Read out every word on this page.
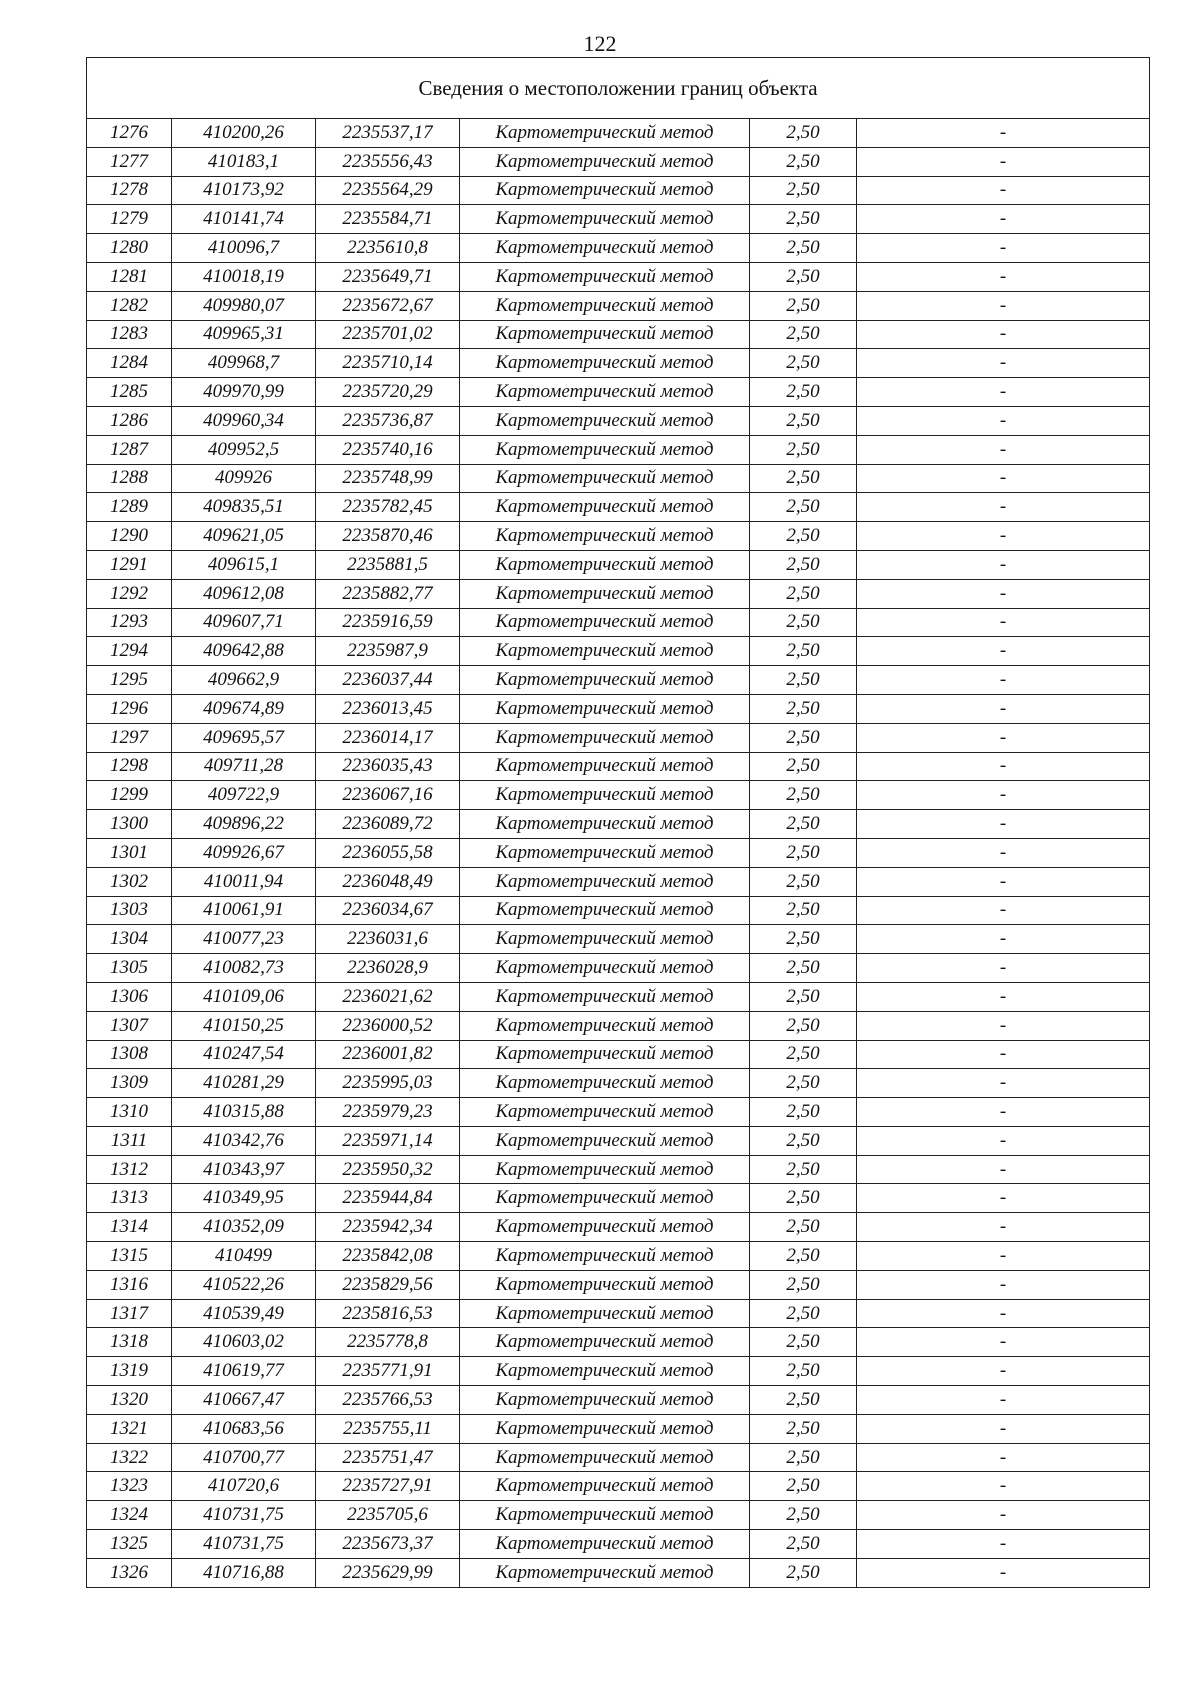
122
Сведения о местоположении границ объекта					
1276	410200,26	2235537,17	Картометрический метод	2,50	-
1277	410183,1	2235556,43	Картометрический метод	2,50	-
1278	410173,92	2235564,29	Картометрический метод	2,50	-
1279	410141,74	2235584,71	Картометрический метод	2,50	-
1280	410096,7	2235610,8	Картометрический метод	2,50	-
1281	410018,19	2235649,71	Картометрический метод	2,50	-
1282	409980,07	2235672,67	Картометрический метод	2,50	-
1283	409965,31	2235701,02	Картометрический метод	2,50	-
1284	409968,7	2235710,14	Картометрический метод	2,50	-
1285	409970,99	2235720,29	Картометрический метод	2,50	-
1286	409960,34	2235736,87	Картометрический метод	2,50	-
1287	409952,5	2235740,16	Картометрический метод	2,50	-
1288	409926	2235748,99	Картометрический метод	2,50	-
1289	409835,51	2235782,45	Картометрический метод	2,50	-
1290	409621,05	2235870,46	Картометрический метод	2,50	-
1291	409615,1	2235881,5	Картометрический метод	2,50	-
1292	409612,08	2235882,77	Картометрический метод	2,50	-
1293	409607,71	2235916,59	Картометрический метод	2,50	-
1294	409642,88	2235987,9	Картометрический метод	2,50	-
1295	409662,9	2236037,44	Картометрический метод	2,50	-
1296	409674,89	2236013,45	Картометрический метод	2,50	-
1297	409695,57	2236014,17	Картометрический метод	2,50	-
1298	409711,28	2236035,43	Картометрический метод	2,50	-
1299	409722,9	2236067,16	Картометрический метод	2,50	-
1300	409896,22	2236089,72	Картометрический метод	2,50	-
1301	409926,67	2236055,58	Картометрический метод	2,50	-
1302	410011,94	2236048,49	Картометрический метод	2,50	-
1303	410061,91	2236034,67	Картометрический метод	2,50	-
1304	410077,23	2236031,6	Картометрический метод	2,50	-
1305	410082,73	2236028,9	Картометрический метод	2,50	-
1306	410109,06	2236021,62	Картометрический метод	2,50	-
1307	410150,25	2236000,52	Картометрический метод	2,50	-
1308	410247,54	2236001,82	Картометрический метод	2,50	-
1309	410281,29	2235995,03	Картометрический метод	2,50	-
1310	410315,88	2235979,23	Картометрический метод	2,50	-
1311	410342,76	2235971,14	Картометрический метод	2,50	-
1312	410343,97	2235950,32	Картометрический метод	2,50	-
1313	410349,95	2235944,84	Картометрический метод	2,50	-
1314	410352,09	2235942,34	Картометрический метод	2,50	-
1315	410499	2235842,08	Картометрический метод	2,50	-
1316	410522,26	2235829,56	Картометрический метод	2,50	-
1317	410539,49	2235816,53	Картометрический метод	2,50	-
1318	410603,02	2235778,8	Картометрический метод	2,50	-
1319	410619,77	2235771,91	Картометрический метод	2,50	-
1320	410667,47	2235766,53	Картометрический метод	2,50	-
1321	410683,56	2235755,11	Картометрический метод	2,50	-
1322	410700,77	2235751,47	Картометрический метод	2,50	-
1323	410720,6	2235727,91	Картометрический метод	2,50	-
1324	410731,75	2235705,6	Картометрический метод	2,50	-
1325	410731,75	2235673,37	Картометрический метод	2,50	-
1326	410716,88	2235629,99	Картометрический метод	2,50	-
